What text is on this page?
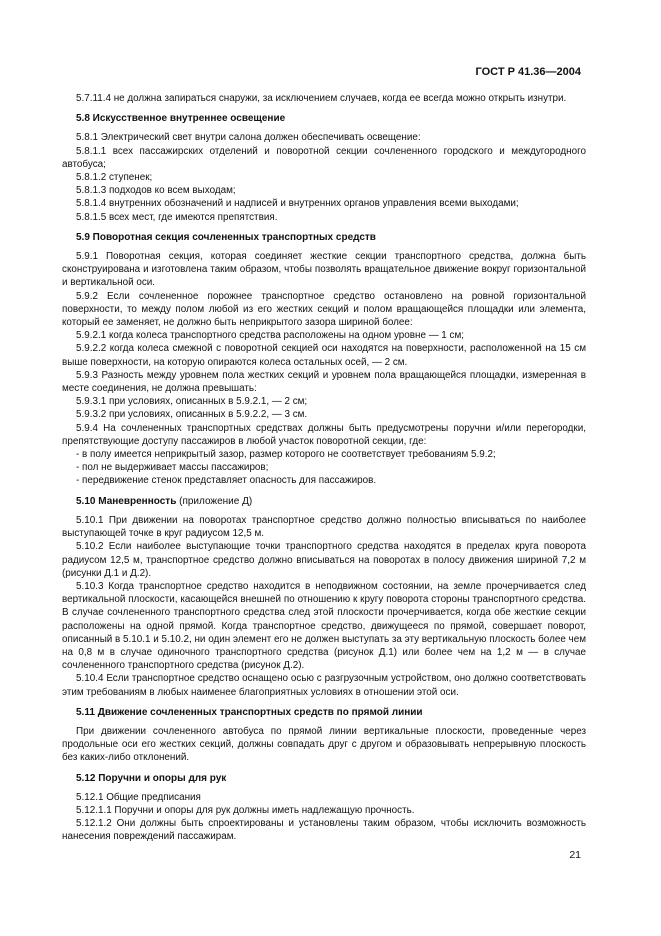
ГОСТ Р 41.36—2004

5.7.11.4 не должна запираться снаружи, за исключением случаев, когда ее всегда можно открыть изнутри.

5.8 Искусственное внутреннее освещение

5.8.1 Электрический свет внутри салона должен обеспечивать освещение:

5.8.1.1 всех пассажирских отделений и поворотной секции сочлененного городского и междугородного автобуса;

5.8.1.2 ступенек;

5.8.1.3 подходов ко всем выходам;

5.8.1.4 внутренних обозначений и надписей и внутренних органов управления всеми выходами;

5.8.1.5 всех мест, где имеются препятствия.

5.9 Поворотная секция сочлененных транспортных средств

5.9.1 Поворотная секция, которая соединяет жесткие секции транспортного средства, должна быть сконструирована и изготовлена таким образом, чтобы позволять вращательное движение вокруг горизонтальной и вертикальной оси.

5.9.2 Если сочлененное порожнее транспортное средство остановлено на ровной горизонтальной поверхности, то между полом любой из его жестких секций и полом вращающейся площадки или элемента, который ее заменяет, не должно быть неприкрытого зазора шириной более:

5.9.2.1 когда колеса транспортного средства расположены на одном уровне — 1 см;

5.9.2.2 когда колеса смежной с поворотной секцией оси находятся на поверхности, расположенной на 15 см выше поверхности, на которую опираются колеса остальных осей, — 2 см.

5.9.3 Разность между уровнем пола жестких секций и уровнем пола вращающейся площадки, измеренная в месте соединения, не должна превышать:

5.9.3.1 при условиях, описанных в 5.9.2.1, — 2 см;

5.9.3.2 при условиях, описанных в 5.9.2.2, — 3 см.

5.9.4 На сочлененных транспортных средствах должны быть предусмотрены поручни и/или перегородки, препятствующие доступу пассажиров в любой участок поворотной секции, где:

- в полу имеется неприкрытый зазор, размер которого не соответствует требованиям 5.9.2;

- пол не выдерживает массы пассажиров;

- передвижение стенок представляет опасность для пассажиров.

5.10 Маневренность (приложение Д)

5.10.1 При движении на поворотах транспортное средство должно полностью вписываться по наиболее выступающей точке в круг радиусом 12,5 м.

5.10.2 Если наиболее выступающие точки транспортного средства находятся в пределах круга поворота радиусом 12,5 м, транспортное средство должно вписываться на поворотах в полосу движения шириной 7,2 м (рисунки Д.1 и Д.2).

5.10.3 Когда транспортное средство находится в неподвижном состоянии, на земле прочерчивается след вертикальной плоскости, касающейся внешней по отношению к кругу поворота стороны транспортного средства. В случае сочлененного транспортного средства след этой плоскости прочерчивается, когда обе жесткие секции расположены на одной прямой. Когда транспортное средство, движущееся по прямой, совершает поворот, описанный в 5.10.1 и 5.10.2, ни один элемент его не должен выступать за эту вертикальную плоскость более чем на 0,8 м в случае одиночного транспортного средства (рисунок Д.1) или более чем на 1,2 м — в случае сочлененного транспортного средства (рисунок Д.2).

5.10.4 Если транспортное средство оснащено осью с разгрузочным устройством, оно должно соответствовать этим требованиям в любых наименее благоприятных условиях в отношении этой оси.

5.11 Движение сочлененных транспортных средств по прямой линии

При движении сочлененного автобуса по прямой линии вертикальные плоскости, проведенные через продольные оси его жестких секций, должны совпадать друг с другом и образовывать непрерывную плоскость без каких-либо отклонений.

5.12 Поручни и опоры для рук

5.12.1 Общие предписания

5.12.1.1 Поручни и опоры для рук должны иметь надлежащую прочность.

5.12.1.2 Они должны быть спроектированы и установлены таким образом, чтобы исключить возможность нанесения повреждений пассажирам.

21
